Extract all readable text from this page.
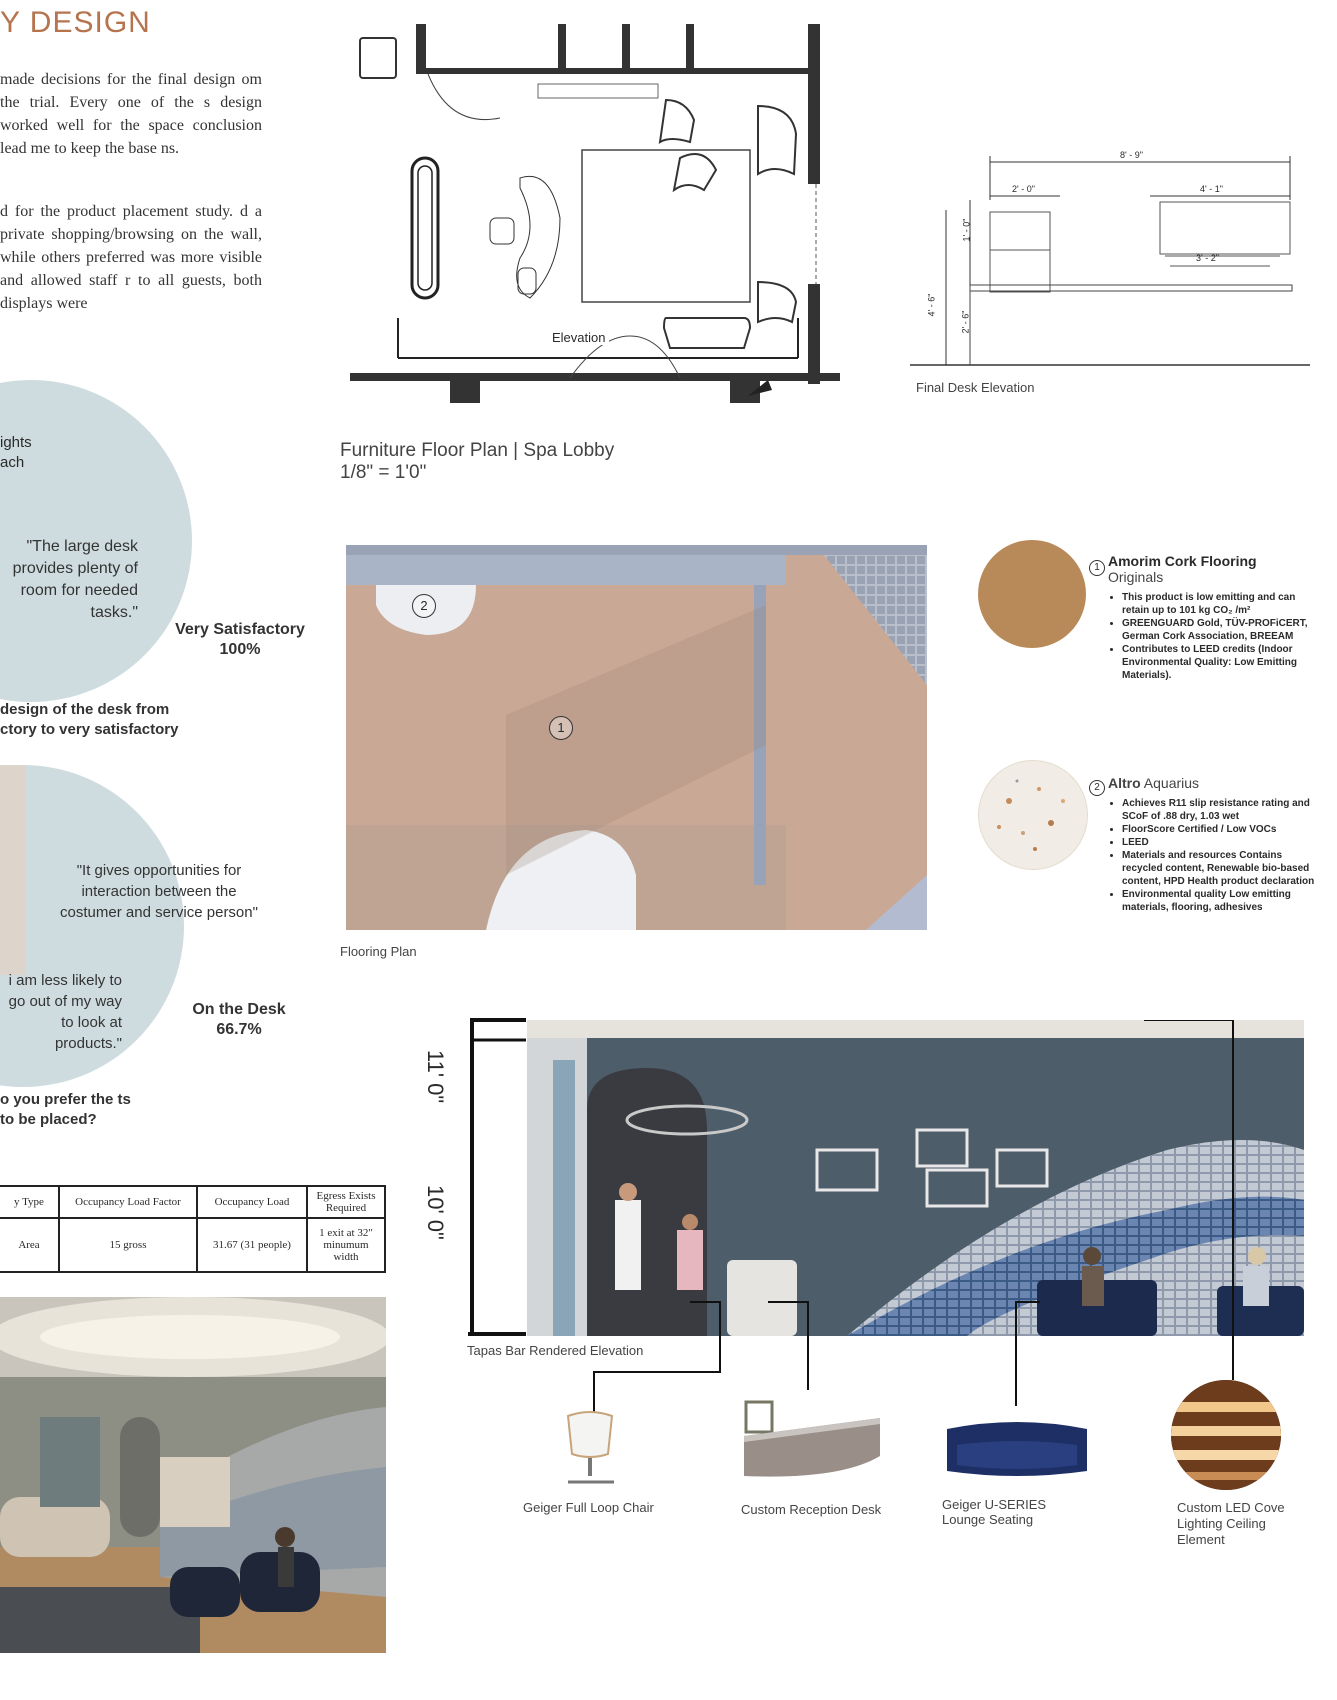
Y DESIGN
made decisions for the final design om the trial. Every one of the s design worked well for the space conclusion lead me to keep the base ns.
d for the product placement study. d a private shopping/browsing on the wall, while others preferred was more visible and allowed staff r to all guests, both displays were
ights ach
"The large desk provides plenty of room for needed tasks."
Very Satisfactory
100%
design of the desk from ctory to very satisfactory
"It gives opportunities for interaction between the costumer and service person"
i am less likely to go out of my way to look at products."
On the Desk
66.7%
o you prefer the ts to be placed?
y Type	Occupancy Load Factor	Occupancy Load	Egress Exists Required
Area	15 gross	31.67 (31 people)	1 exit at 32" minumum width
Elevation
Furniture Floor Plan | Spa Lobby
1/8" = 1'0"
8' - 9"
2' - 0"	4' - 1"
3' - 2"
4' - 6"
1' - 0"
2' - 6"
Final Desk Elevation
2
1
Flooring Plan
1 Amorim Cork Flooring
Originals
• This product is low emitting and can retain up to 101 kg CO₂ /m²
• GREENGUARD Gold, TÜV-PROFiCERT, German Cork Association, BREEAM
• Contributes to LEED credits (Indoor Environmental Quality: Low Emitting Materials).
2 Altro Aquarius
• Achieves R11 slip resistance rating and SCoF of .88 dry, 1.03 wet
• FloorScore Certified / Low VOCs
• LEED
• Materials and resources Contains recycled content, Renewable bio-based content, HPD Health product declaration
• Environmental quality Low emitting materials, flooring, adhesives
11' 0"
10' 0"
Tapas Bar Rendered Elevation
Geiger Full Loop Chair	Custom Reception Desk	Geiger U-SERIES Lounge Seating
Custom LED Cove Lighting Ceiling Element
